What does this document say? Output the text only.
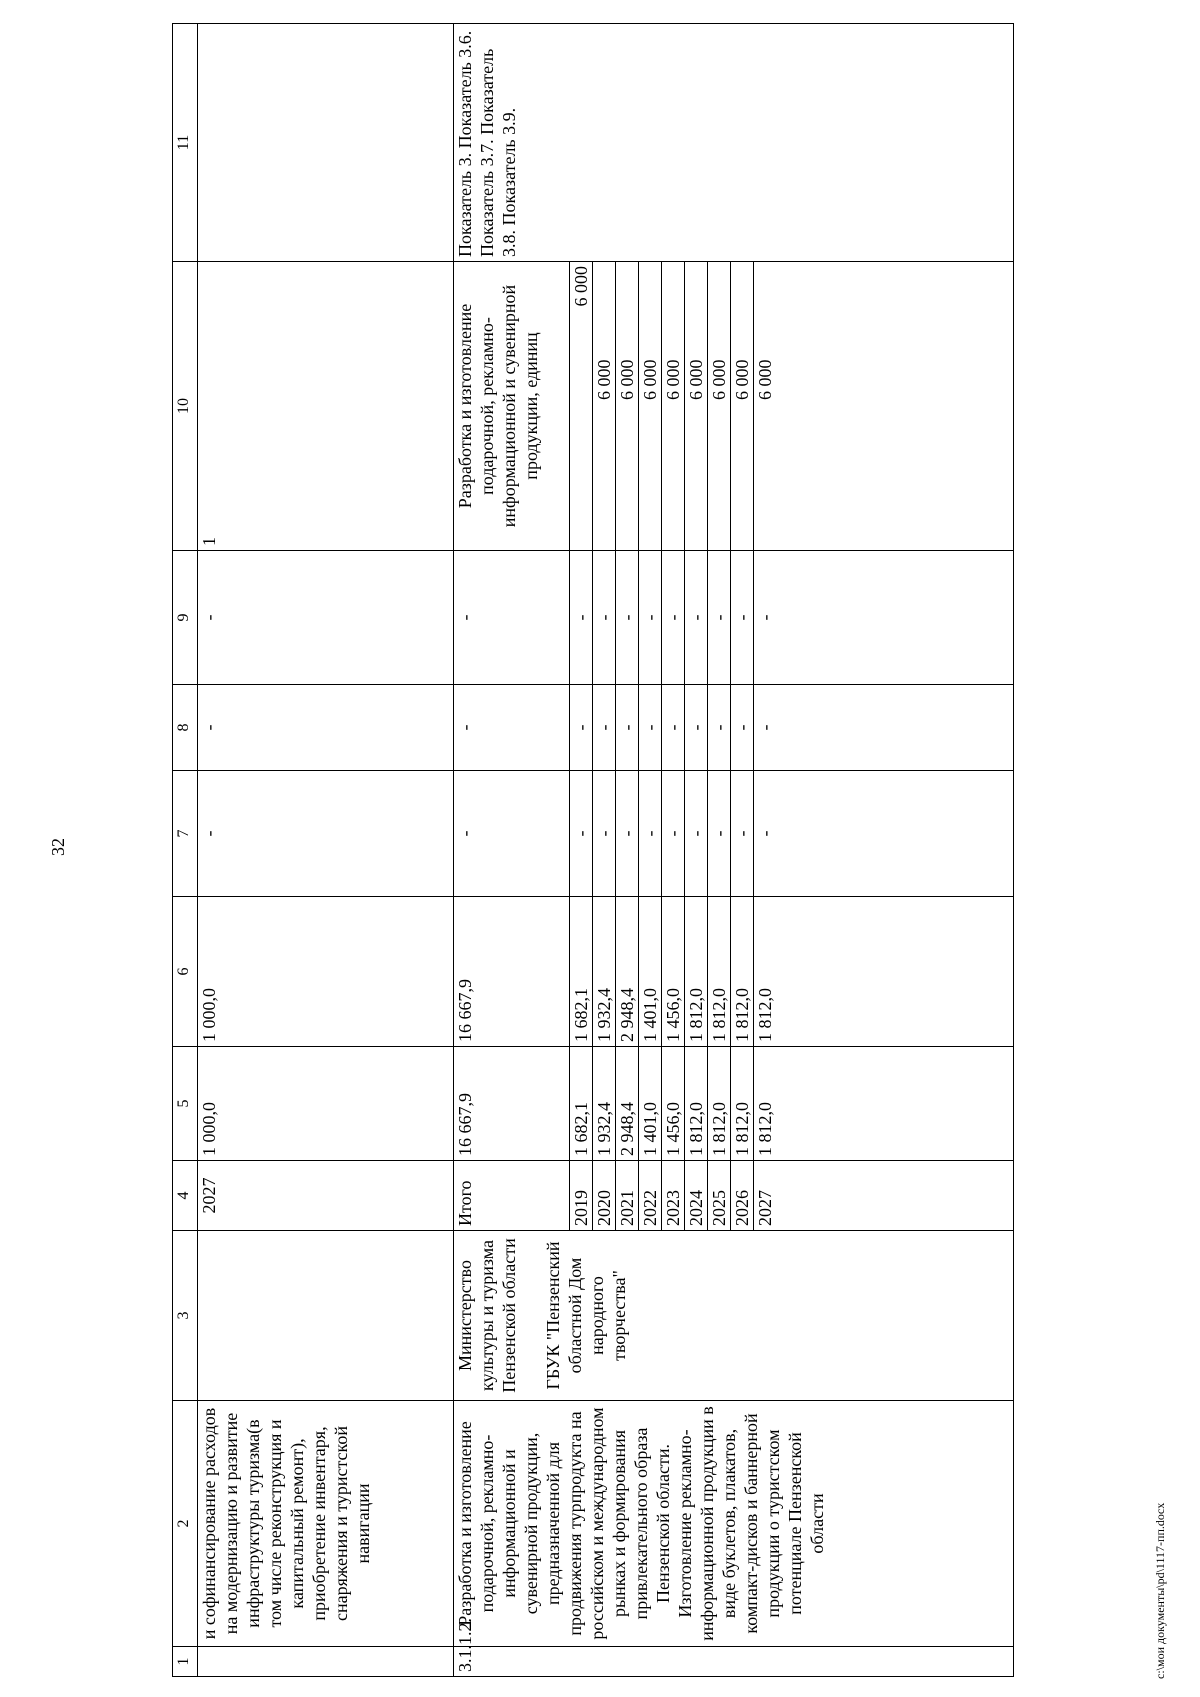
32
1	2	3	4	5	6	7	8	9	10	11
	и софинансирование расходов на модернизацию и развитие инфраструктуры туризма(в том числе реконструкция и капитальный ремонт), приобретение инвентаря, снаряжения и туристской навигации		2027	1 000,0	1 000,0	-	-	-	1	
3.1.1.2.	Разработка и изготовление подарочной, рекламно-информационной и сувенирной продукции, предназначенной для продвижения турпродукта на российском и международном рынках и формирования привлекательного образа Пензенской области. Изготовление рекламно-информационной продукции в виде буклетов, плакатов, компакт-дисков и баннерной продукции о туристском потенциале Пензенской области	Министерство культуры и туризма Пензенской области ГБУК "Пензенский областной Дом народного творчества"	Итого	16 667,9	16 667,9	-	-	-	Разработка и изготовление подарочной, рекламно-информационной и сувенирной продукции, единиц	Показатель 3. Показатель 3.6. Показатель 3.7. Показатель 3.8. Показатель 3.9.
			2019	1 682,1	1 682,1	-	-	-	6 000	
			2020	1 932,4	1 932,4	-	-	-	6 000	
			2021	2 948,4	2 948,4	-	-	-	6 000	
			2022	1 401,0	1 401,0	-	-	-	6 000	
			2023	1 456,0	1 456,0	-	-	-	6 000	
			2024	1 812,0	1 812,0	-	-	-	6 000	
			2025	1 812,0	1 812,0	-	-	-	6 000	
			2026	1 812,0	1 812,0	-	-	-	6 000	
			2027	1 812,0	1 812,0	-	-	-	6 000	
c:\мои документы\pd\1117-пп.docx
